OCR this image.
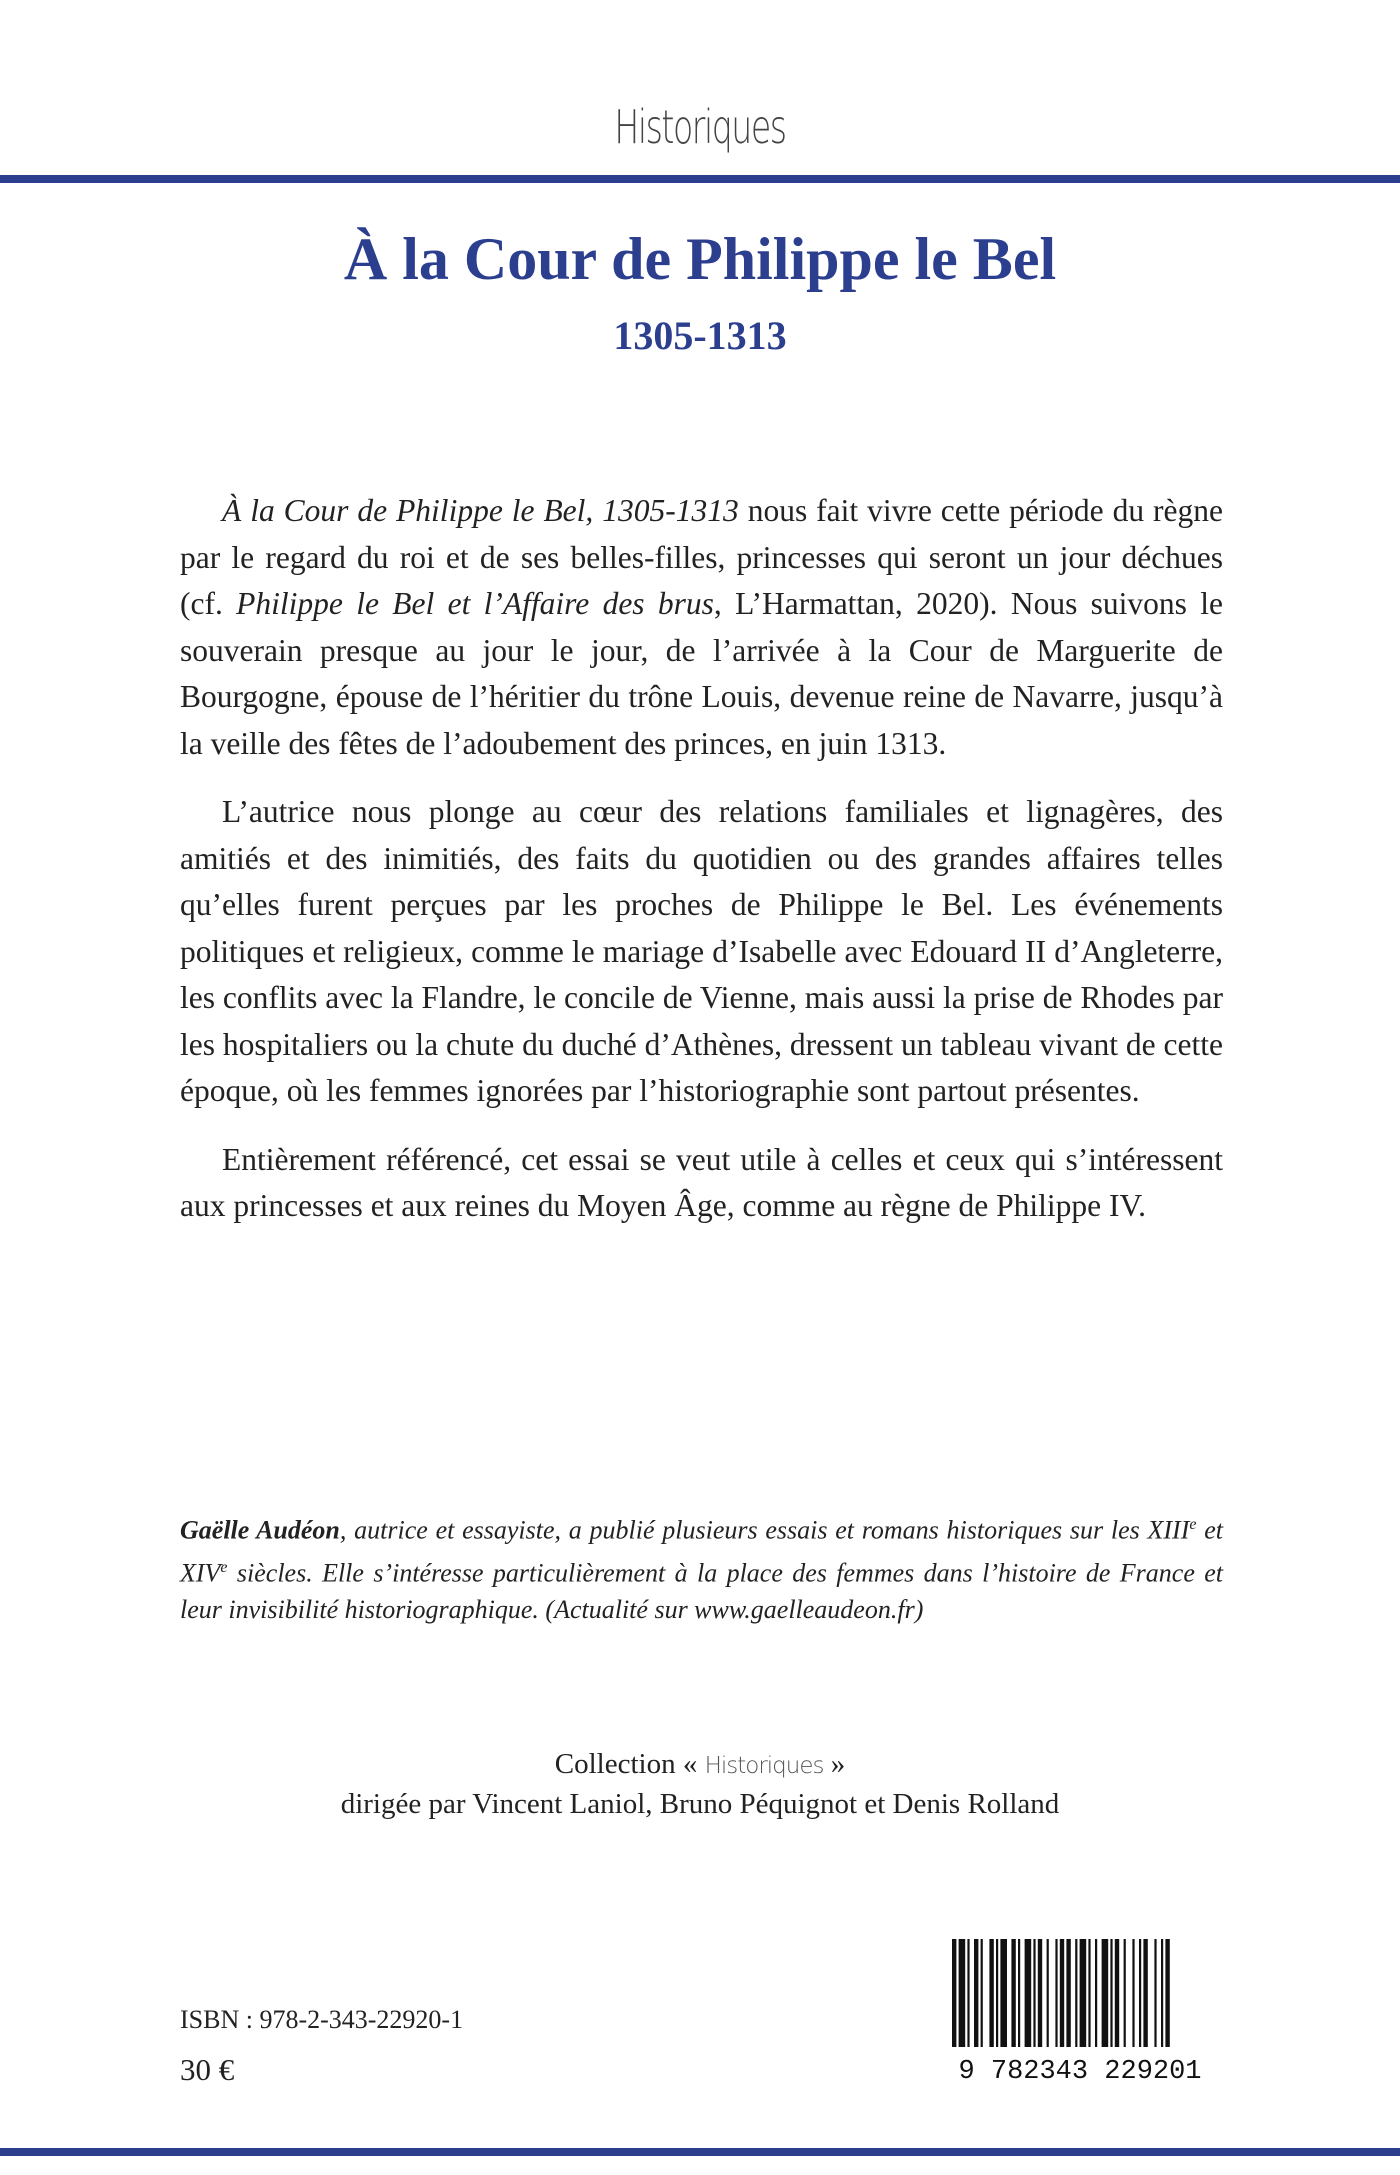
Historiques
À la Cour de Philippe le Bel
1305-1313

À la Cour de Philippe le Bel, 1305-1313 nous fait vivre cette période du règne par le regard du roi et de ses belles-filles, princesses qui seront un jour déchues (cf. Philippe le Bel et l’Affaire des brus, L’Harmattan, 2020). Nous suivons le souverain presque au jour le jour, de l’arrivée à la Cour de Marguerite de Bourgogne, épouse de l’héritier du trône Louis, devenue reine de Navarre, jusqu’à la veille des fêtes de l’adoubement des princes, en juin 1313.

L’autrice nous plonge au cœur des relations familiales et lignagères, des amitiés et des inimitiés, des faits du quotidien ou des grandes affaires telles qu’elles furent perçues par les proches de Philippe le Bel. Les événements politiques et religieux, comme le mariage d’Isabelle avec Edouard II d’Angleterre, les conflits avec la Flandre, le concile de Vienne, mais aussi la prise de Rhodes par les hospitaliers ou la chute du duché d’Athènes, dressent un tableau vivant de cette époque, où les femmes ignorées par l’historiographie sont partout présentes.

Entièrement référencé, cet essai se veut utile à celles et ceux qui s’intéressent aux princesses et aux reines du Moyen Âge, comme au règne de Philippe IV.

Gaëlle Audéon, autrice et essayiste, a publié plusieurs essais et romans historiques sur les XIIIe et XIVe siècles. Elle s’intéresse particulièrement à la place des femmes dans l’histoire de France et leur invisibilité historiographique. (Actualité sur www.gaelleaudeon.fr)
Collection « Historiques »
dirigée par Vincent Laniol, Bruno Péquignot et Denis Rolland
ISBN : 978-2-343-22920-1
30 €	9 782343 229201
